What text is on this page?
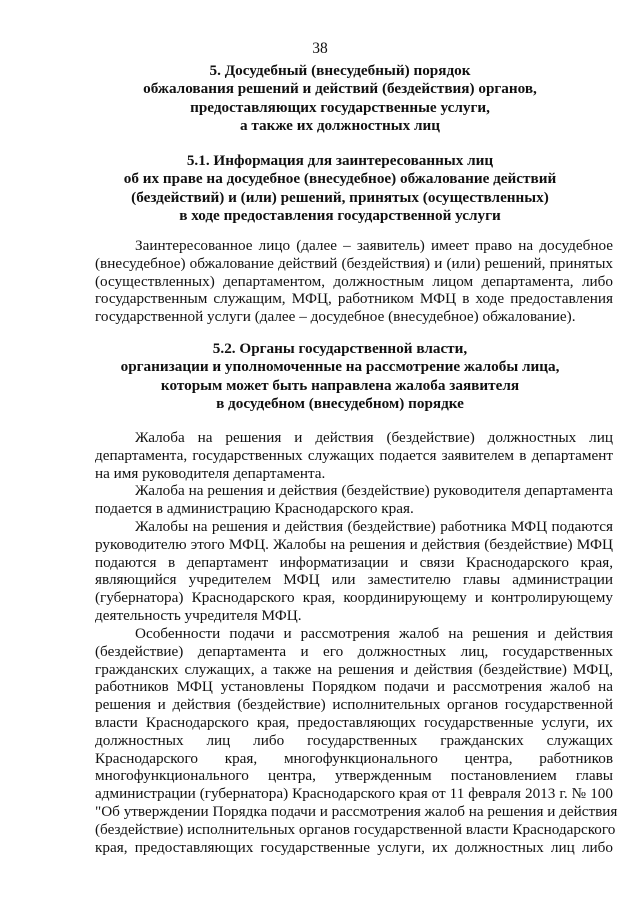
38
5. Досудебный (внесудебный) порядок
обжалования решений и действий (бездействия) органов,
предоставляющих государственные услуги,
а также их должностных лиц
5.1. Информация для заинтересованных лиц
об их праве на досудебное (внесудебное) обжалование действий
(бездействий) и (или) решений, принятых (осуществленных)
в ходе предоставления государственной услуги
Заинтересованное лицо (далее – заявитель) имеет право на досудебное
(внесудебное) обжалование действий (бездействия) и (или) решений, принятых
(осуществленных) департаментом, должностным лицом департамента, либо
государственным служащим, МФЦ, работником МФЦ в ходе предоставления
государственной услуги (далее – досудебное (внесудебное) обжалование).
5.2. Органы государственной власти,
организации и уполномоченные на рассмотрение жалобы лица,
которым может быть направлена жалоба заявителя
в досудебном (внесудебном) порядке
Жалоба на решения и действия (бездействие) должностных лиц
департамента, государственных служащих подается заявителем в департамент
на имя руководителя департамента.
Жалоба на решения и действия (бездействие) руководителя департамента
подается в администрацию Краснодарского края.
Жалобы на решения и действия (бездействие) работника МФЦ подаются
руководителю этого МФЦ. Жалобы на решения и действия (бездействие) МФЦ
подаются в департамент информатизации и связи Краснодарского края,
являющийся учредителем МФЦ или заместителю главы администрации
(губернатора) Краснодарского края, координирующему и контролирующему
деятельность учредителя МФЦ.
Особенности подачи и рассмотрения жалоб на решения и действия
(бездействие) департамента и его должностных лиц, государственных
гражданских служащих, а также на решения и действия (бездействие) МФЦ,
работников МФЦ установлены Порядком подачи и рассмотрения жалоб на
решения и действия (бездействие) исполнительных органов государственной
власти Краснодарского края, предоставляющих государственные услуги, их
должностных лиц либо государственных гражданских служащих
Краснодарского края, многофункционального центра, работников
многофункционального центра, утвержденным постановлением главы
администрации (губернатора) Краснодарского края от 11 февраля 2013 г. № 100
"Об утверждении Порядка подачи и рассмотрения жалоб на решения и действия
(бездействие) исполнительных органов государственной власти Краснодарского
края, предоставляющих государственные услуги, их должностных лиц либо
